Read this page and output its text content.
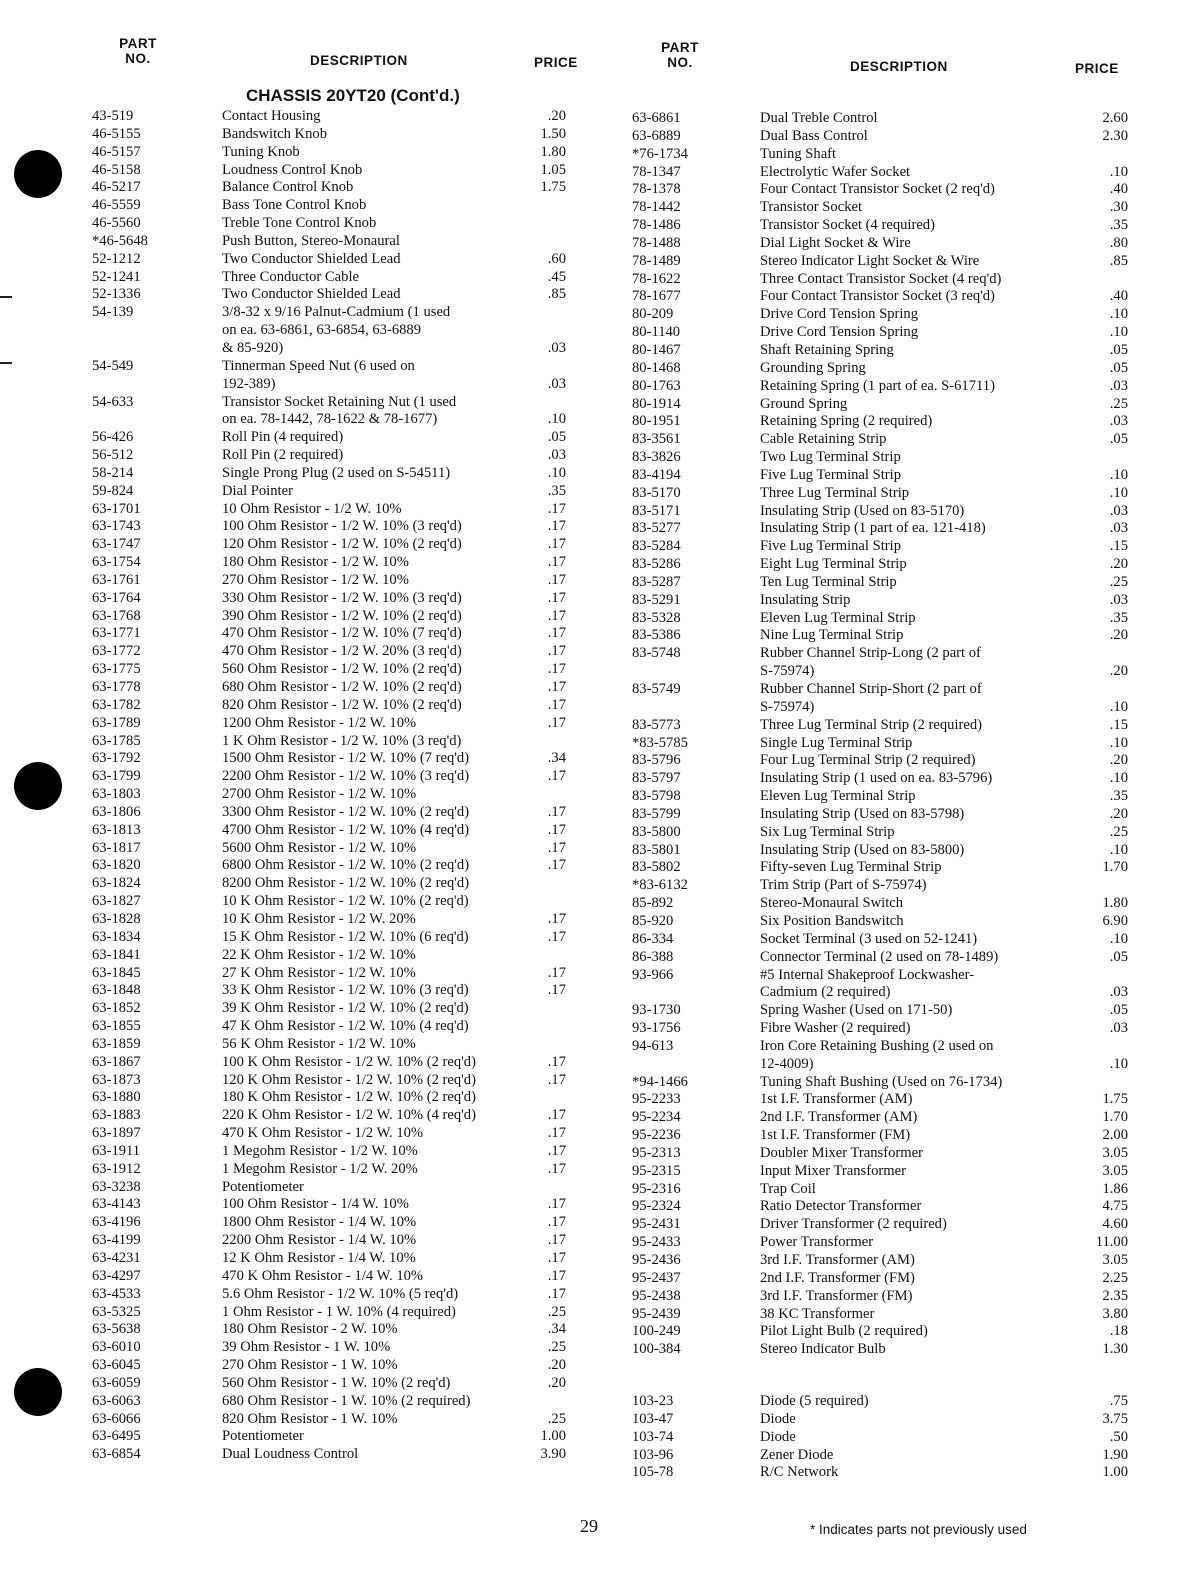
PART
NO.	DESCRIPTION	PRICE
CHASSIS 20YT20 (Cont'd.)
43-519	Contact Housing	.20
46-5155	Bandswitch Knob	1.50
46-5157	Tuning Knob	1.80
46-5158	Loudness Control Knob	1.05
46-5217	Balance Control Knob	1.75
46-5559	Bass Tone Control Knob
46-5560	Treble Tone Control Knob
*46-5648	Push Button, Stereo-Monaural
52-1212	Two Conductor Shielded Lead	.60
52-1241	Three Conductor Cable	.45
52-1336	Two Conductor Shielded Lead	.85
54-139	3/8-32 x 9/16 Palnut-Cadmium (1 used
on ea. 63-6861, 63-6854, 63-6889
& 85-920)	.03
54-549	Tinnerman Speed Nut (6 used on
192-389)	.03
54-633	Transistor Socket Retaining Nut (1 used
on ea. 78-1442, 78-1622 & 78-1677)	.10
56-426	Roll Pin (4 required)	.05
56-512	Roll Pin (2 required)	.03
58-214	Single Prong Plug (2 used on S-54511)	.10
59-824	Dial Pointer	.35
63-1701	10 Ohm Resistor - 1/2 W. 10%	.17
63-1743	100 Ohm Resistor - 1/2 W. 10% (3 req'd)	.17
63-1747	120 Ohm Resistor - 1/2 W. 10% (2 req'd)	.17
63-1754	180 Ohm Resistor - 1/2 W. 10%	.17
63-1761	270 Ohm Resistor - 1/2 W. 10%	.17
63-1764	330 Ohm Resistor - 1/2 W. 10% (3 req'd)	.17
63-1768	390 Ohm Resistor - 1/2 W. 10% (2 req'd)	.17
63-1771	470 Ohm Resistor - 1/2 W. 10% (7 req'd)	.17
63-1772	470 Ohm Resistor - 1/2 W. 20% (3 req'd)	.17
63-1775	560 Ohm Resistor - 1/2 W. 10% (2 req'd)	.17
63-1778	680 Ohm Resistor - 1/2 W. 10% (2 req'd)	.17
63-1782	820 Ohm Resistor - 1/2 W. 10% (2 req'd)	.17
63-1789	1200 Ohm Resistor - 1/2 W. 10%	.17
63-1785	1 K Ohm Resistor - 1/2 W. 10% (3 req'd)
63-1792	1500 Ohm Resistor - 1/2 W. 10% (7 req'd)	.34
63-1799	2200 Ohm Resistor - 1/2 W. 10% (3 req'd)	.17
63-1803	2700 Ohm Resistor - 1/2 W. 10%
63-1806	3300 Ohm Resistor - 1/2 W. 10% (2 req'd)	.17
63-1813	4700 Ohm Resistor - 1/2 W. 10% (4 req'd)	.17
63-1817	5600 Ohm Resistor - 1/2 W. 10%	.17
63-1820	6800 Ohm Resistor - 1/2 W. 10% (2 req'd)	.17
63-1824	8200 Ohm Resistor - 1/2 W. 10% (2 req'd)
63-1827	10 K Ohm Resistor - 1/2 W. 10% (2 req'd)
63-1828	10 K Ohm Resistor - 1/2 W. 20%	.17
63-1834	15 K Ohm Resistor - 1/2 W. 10% (6 req'd)	.17
63-1841	22 K Ohm Resistor - 1/2 W. 10%
63-1845	27 K Ohm Resistor - 1/2 W. 10%	.17
63-1848	33 K Ohm Resistor - 1/2 W. 10% (3 req'd)	.17
63-1852	39 K Ohm Resistor - 1/2 W. 10% (2 req'd)
63-1855	47 K Ohm Resistor - 1/2 W. 10% (4 req'd)
63-1859	56 K Ohm Resistor - 1/2 W. 10%
63-1867	100 K Ohm Resistor - 1/2 W. 10% (2 req'd)	.17
63-1873	120 K Ohm Resistor - 1/2 W. 10% (2 req'd)	.17
63-1880	180 K Ohm Resistor - 1/2 W. 10% (2 req'd)
63-1883	220 K Ohm Resistor - 1/2 W. 10% (4 req'd)	.17
63-1897	470 K Ohm Resistor - 1/2 W. 10%	.17
63-1911	1 Megohm Resistor - 1/2 W. 10%	.17
63-1912	1 Megohm Resistor - 1/2 W. 20%	.17
63-3238	Potentiometer
63-4143	100 Ohm Resistor - 1/4 W. 10%	.17
63-4196	1800 Ohm Resistor - 1/4 W. 10%	.17
63-4199	2200 Ohm Resistor - 1/4 W. 10%	.17
63-4231	12 K Ohm Resistor - 1/4 W. 10%	.17
63-4297	470 K Ohm Resistor - 1/4 W. 10%	.17
63-4533	5.6 Ohm Resistor - 1/2 W. 10% (5 req'd)	.17
63-5325	1 Ohm Resistor - 1 W. 10% (4 required)	.25
63-5638	180 Ohm Resistor - 2 W. 10%	.34
63-6010	39 Ohm Resistor - 1 W. 10%	.25
63-6045	270 Ohm Resistor - 1 W. 10%	.20
63-6059	560 Ohm Resistor - 1 W. 10% (2 req'd)	.20
63-6063	680 Ohm Resistor - 1 W. 10% (2 required)
63-6066	820 Ohm Resistor - 1 W. 10%	.25
63-6495	Potentiometer	1.00
63-6854	Dual Loudness Control	3.90
PART
NO.	DESCRIPTION	PRICE
63-6861	Dual Treble Control	2.60
63-6889	Dual Bass Control	2.30
*76-1734	Tuning Shaft
78-1347	Electrolytic Wafer Socket	.10
78-1378	Four Contact Transistor Socket (2 req'd)	.40
78-1442	Transistor Socket	.30
78-1486	Transistor Socket (4 required)	.35
78-1488	Dial Light Socket & Wire	.80
78-1489	Stereo Indicator Light Socket & Wire	.85
78-1622	Three Contact Transistor Socket (4 req'd)
78-1677	Four Contact Transistor Socket (3 req'd)	.40
80-209	Drive Cord Tension Spring	.10
80-1140	Drive Cord Tension Spring	.10
80-1467	Shaft Retaining Spring	.05
80-1468	Grounding Spring	.05
80-1763	Retaining Spring (1 part of ea. S-61711)	.03
80-1914	Ground Spring	.25
80-1951	Retaining Spring (2 required)	.03
83-3561	Cable Retaining Strip	.05
83-3826	Two Lug Terminal Strip
83-4194	Five Lug Terminal Strip	.10
83-5170	Three Lug Terminal Strip	.10
83-5171	Insulating Strip (Used on 83-5170)	.03
83-5277	Insulating Strip (1 part of ea. 121-418)	.03
83-5284	Five Lug Terminal Strip	.15
83-5286	Eight Lug Terminal Strip	.20
83-5287	Ten Lug Terminal Strip	.25
83-5291	Insulating Strip	.03
83-5328	Eleven Lug Terminal Strip	.35
83-5386	Nine Lug Terminal Strip	.20
83-5748	Rubber Channel Strip-Long (2 part of
S-75974)	.20
83-5749	Rubber Channel Strip-Short (2 part of
S-75974)	.10
83-5773	Three Lug Terminal Strip (2 required)	.15
*83-5785	Single Lug Terminal Strip	.10
83-5796	Four Lug Terminal Strip (2 required)	.20
83-5797	Insulating Strip (1 used on ea. 83-5796)	.10
83-5798	Eleven Lug Terminal Strip	.35
83-5799	Insulating Strip (Used on 83-5798)	.20
83-5800	Six Lug Terminal Strip	.25
83-5801	Insulating Strip (Used on 83-5800)	.10
83-5802	Fifty-seven Lug Terminal Strip	1.70
*83-6132	Trim Strip (Part of S-75974)
85-892	Stereo-Monaural Switch	1.80
85-920	Six Position Bandswitch	6.90
86-334	Socket Terminal (3 used on 52-1241)	.10
86-388	Connector Terminal (2 used on 78-1489)	.05
93-966	#5 Internal Shakeproof Lockwasher-
Cadmium (2 required)	.03
93-1730	Spring Washer (Used on 171-50)	.05
93-1756	Fibre Washer (2 required)	.03
94-613	Iron Core Retaining Bushing (2 used on
12-4009)	.10
*94-1466	Tuning Shaft Bushing (Used on 76-1734)
95-2233	1st I.F. Transformer (AM)	1.75
95-2234	2nd I.F. Transformer (AM)	1.70
95-2236	1st I.F. Transformer (FM)	2.00
95-2313	Doubler Mixer Transformer	3.05
95-2315	Input Mixer Transformer	3.05
95-2316	Trap Coil	1.86
95-2324	Ratio Detector Transformer	4.75
95-2431	Driver Transformer (2 required)	4.60
95-2433	Power Transformer	11.00
95-2436	3rd I.F. Transformer (AM)	3.05
95-2437	2nd I.F. Transformer (FM)	2.25
95-2438	3rd I.F. Transformer (FM)	2.35
95-2439	38 KC Transformer	3.80
100-249	Pilot Light Bulb (2 required)	.18
100-384	Stereo Indicator Bulb	1.30
103-23	Diode (5 required)	.75
103-47	Diode	3.75
103-74	Diode	.50
103-96	Zener Diode	1.90
105-78	R/C Network	1.00
29	* Indicates parts not previously used
